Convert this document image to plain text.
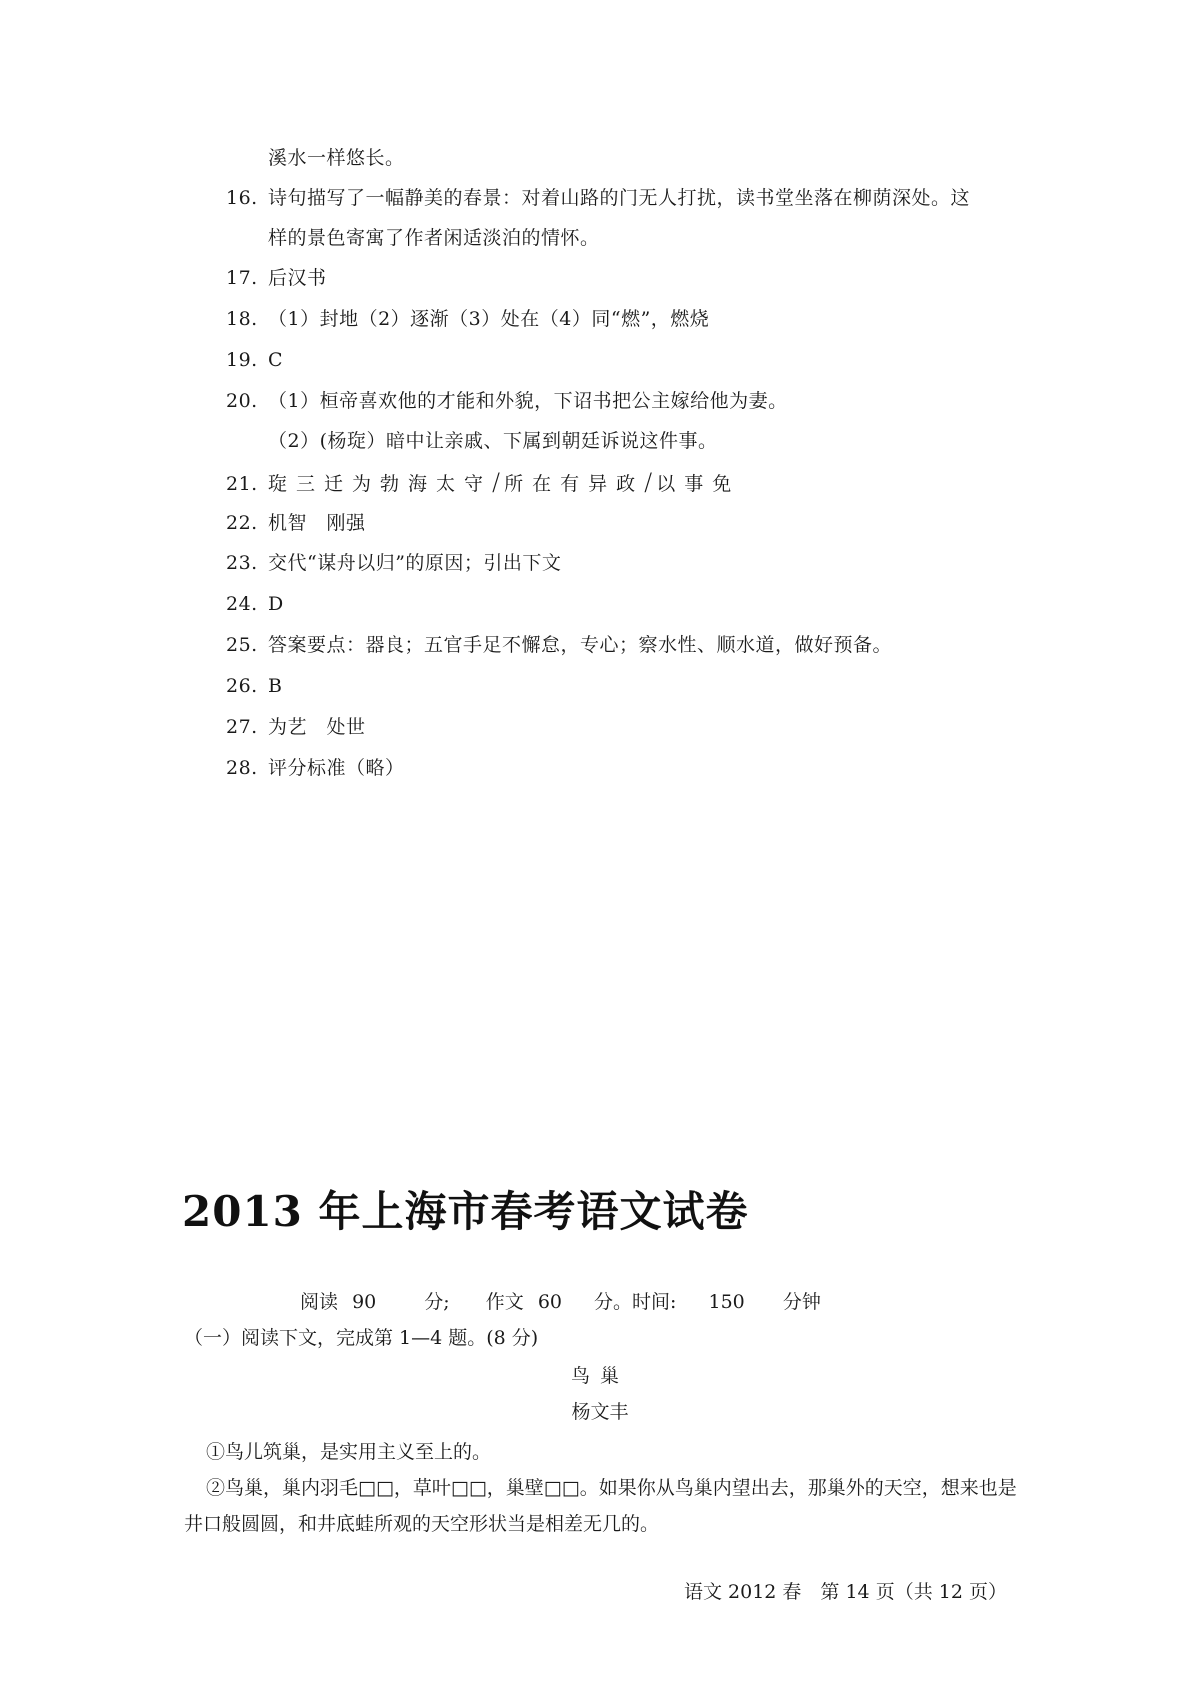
溪水一样悠长。
16. 诗句描写了一幅静美的春景：对着山路的门无人打扰，读书堂坐落在柳荫深处。这
样的景色寄寓了作者闲适淡泊的情怀。
17. 后汉书
18. （1）封地（2）逐渐（3）处在（4）同“燃”，燃烧
19. C
20. （1）桓帝喜欢他的才能和外貌，下诏书把公主嫁给他为妻。
（2）(杨琁）暗中让亲戚、下属到朝廷诉说这件事。
21. 琁三迁为勃海太守/所在有异政/以事免
22. 机智　刚强
23. 交代“谋舟以归”的原因；引出下文
24. D
25. 答案要点：器良；五官手足不懈怠，专心；察水性、顺水道，做好预备。
26. B
27. 为艺　处世
28. 评分标准（略）
2013 年上海市春考语文试卷
阅读 90	分; 作文 60 分。时间: 150 分钟
（一）阅读下文，完成第 1—4 题。(8 分)
鸟巢
杨文丰
①鸟儿筑巢，是实用主义至上的。
②鸟巢，巢内羽毛□□，草叶□□，巢壁□□。如果你从鸟巢内望出去，那巢外的天空，想来也是井口般圆圆，和井底蛙所观的天空形状当是相差无几的。
语文 2012 春　第 14 页（共 12 页）
